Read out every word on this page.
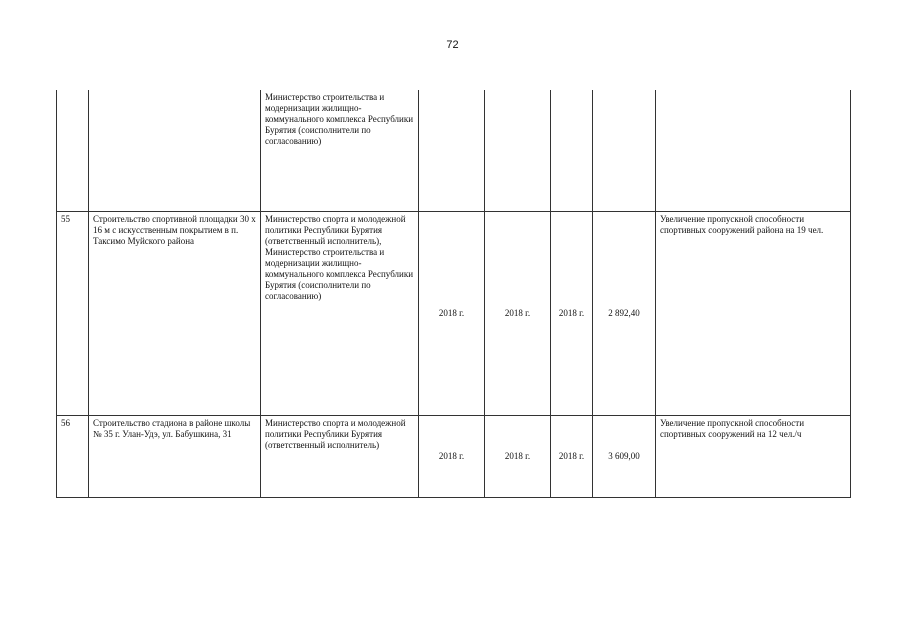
72
		Министерство строительства и модернизации жилищно-коммунального комплекса Республики Бурятия (соисполнители по согласованию)					
55	Строительство спортивной площадки 30 х 16 м с искусственным покрытием в п. Таксимо Муйского района	Министерство спорта и молодежной политики Республики Бурятия (ответственный исполнитель), Министерство строительства и модернизации жилищно-коммунального комплекса Республики Бурятия (соисполнители по согласованию)	2018 г.	2018 г.	2018 г.	2 892,40	Увеличение пропускной способности спортивных сооружений района на 19 чел.
56	Строительство стадиона в районе школы № 35 г. Улан-Удэ, ул. Бабушкина, 31	Министерство спорта и молодежной политики Республики Бурятия (ответственный исполнитель)	2018 г.	2018 г.	2018 г.	3 609,00	Увеличение пропускной способности спортивных сооружений на 12 чел./ч
